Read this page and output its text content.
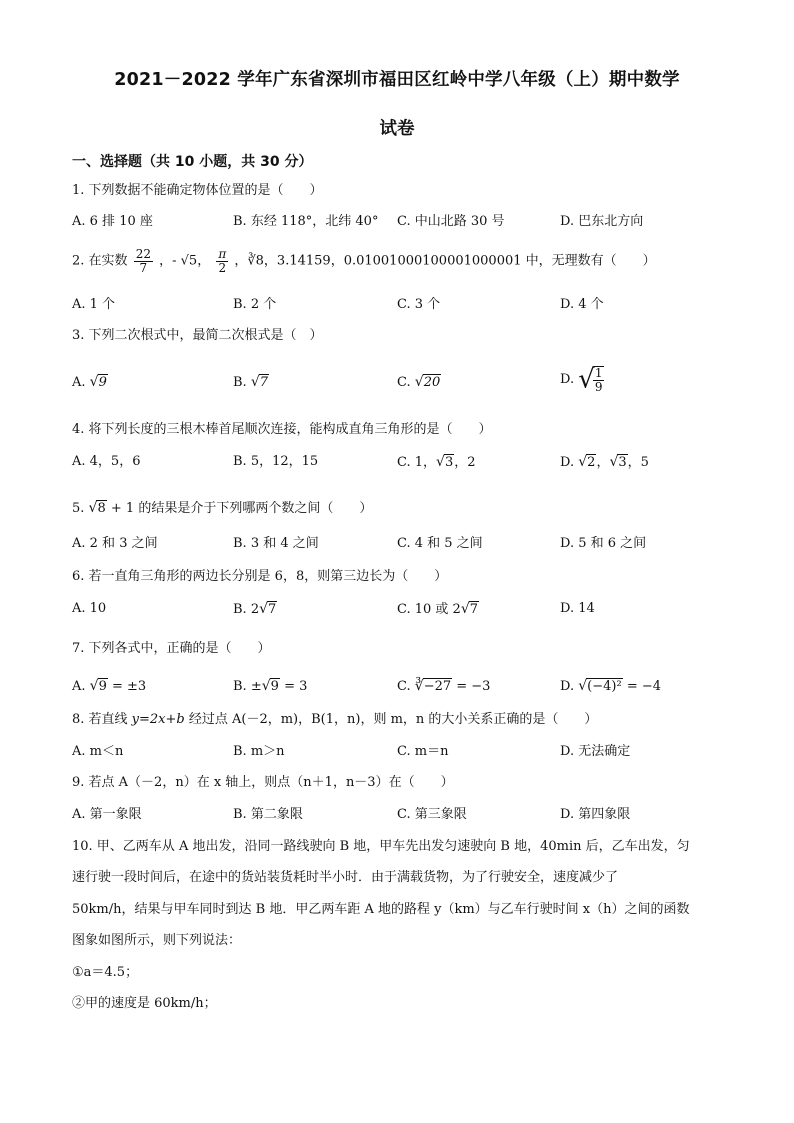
2021－2022 学年广东省深圳市福田区红岭中学八年级（上）期中数学
试卷
一、选择题（共 10 小题，共 30 分）
1. 下列数据不能确定物体位置的是（　　）
A. 6 排 10 座	B. 东经 118°，北纬 40° C. 中山北路 30 号	D. 巴东北方向
2. 在实数 $\frac{22}{7}$ ，- √5， $\frac{\pi}{2}$ ，∛8，3.14159，0.01001000100001000001 中，无理数有（　　）
A. 1 个	B. 2 个	C. 3 个	D. 4 个
3. 下列二次根式中，最简二次根式是（　）
A. √9	B. √7	C. √20	D. √
$\frac{1}{9}$
4. 将下列长度的三根木棒首尾顺次连接，能构成直角三角形的是（　　）
A. 4，5，6	B. 5，12，15	C. 1，√3，2	D. √2，√3，5
5. √8 + 1 的结果是介于下列哪两个数之间（　　）
A. 2 和 3 之间	B. 3 和 4 之间	C. 4 和 5 之间	D. 5 和 6 之间
6. 若一直角三角形的两边长分别是 6，8，则第三边长为（　　）
A. 10	B. 2√7	C. 10 或 2√7	D. 14
7. 下列各式中，正确的是（　　）
A. √9 = ±3	B. ±√9 = 3	C. ∛−27 = −3	D. √(−4)² = −4
8. 若直线 y=2x+b 经过点 A(－2，m)，B(1，n)，则 m，n 的大小关系正确的是（　　）
A. m＜n	B. m＞n	C. m＝n	D. 无法确定
9. 若点 A（－2，n）在 x 轴上，则点（n＋1，n－3）在（　　）
A. 第一象限	B. 第二象限	C. 第三象限	D. 第四象限
10. 甲、乙两车从 A 地出发，沿同一路线驶向 B 地，甲车先出发匀速驶向 B 地，40min 后，乙车出发，匀
速行驶一段时间后，在途中的货站装货耗时半小时．由于满载货物，为了行驶安全，速度减少了
50km/h，结果与甲车同时到达 B 地．甲乙两车距 A 地的路程 y（km）与乙车行驶时间 x（h）之间的函数
图象如图所示，则下列说法：
①a＝4.5；
②甲的速度是 60km/h；
